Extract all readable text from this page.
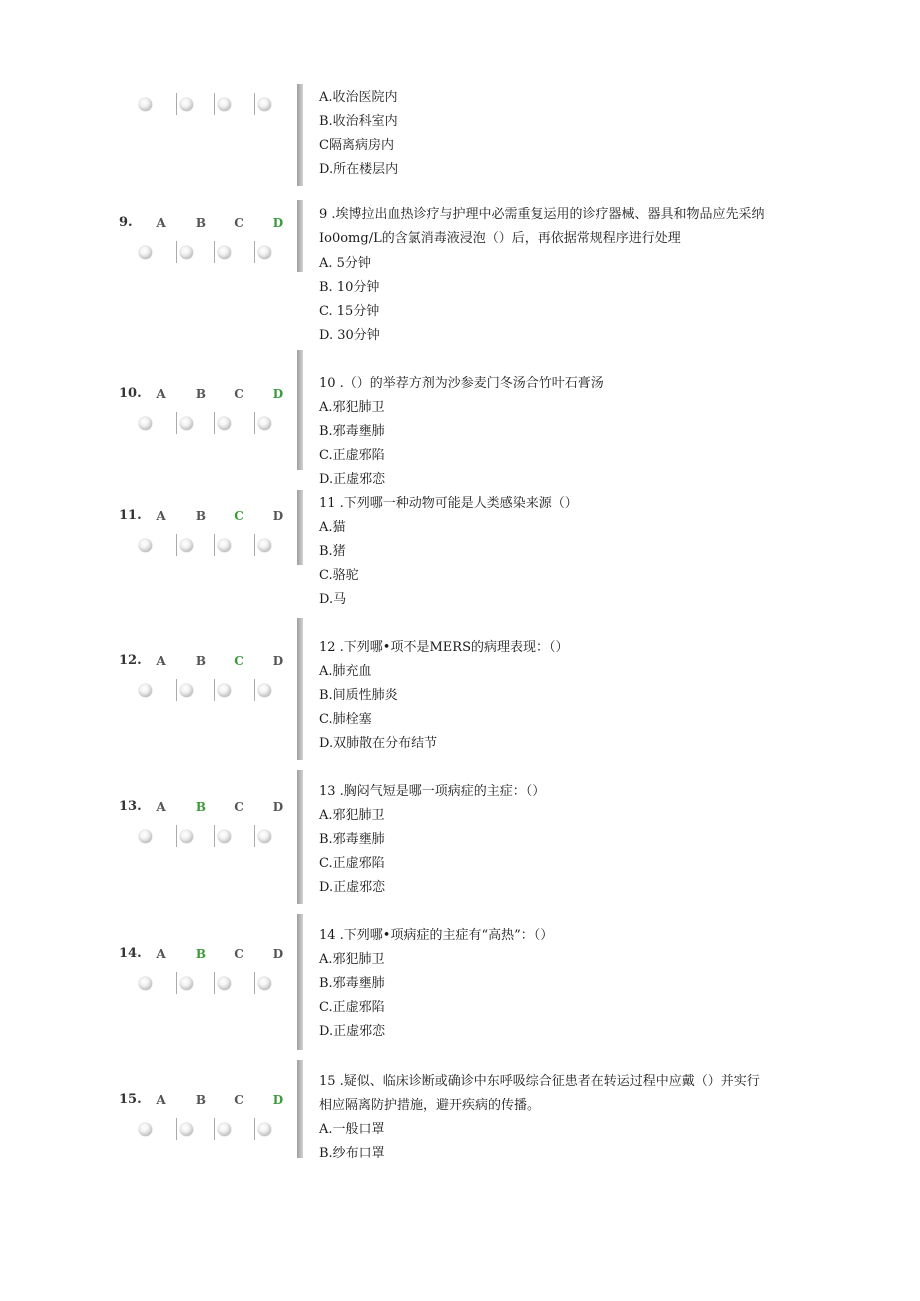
A.收治医院内
B.收治科室内
C隔离病房内
D.所在楼层内
9. A	B C D
9 .埃博拉出血热诊疗与护理中必需重复运用的诊疗器械、器具和物品应先采纳
Io0omg/L的含氯消毒液浸泡（）后，再依据常规程序进行处理
A. 5分钟
B. 10分钟
C. 15分钟
D. 30分钟
10. A	B C D
10 .（）的举荐方剂为沙参麦门冬汤合竹叶石膏汤
A.邪犯肺卫
B.邪毒壅肺
C.正虚邪陷
D.正虚邪恋
11. A	B C D
11 .下列哪一种动物可能是人类感染来源（）
A.猫
B.猪
C.骆驼
D.马
12. A	B C D
12 .下列哪•项不是MERS的病理表现：（）
A.肺充血
B.间质性肺炎
C.肺栓塞
D.双肺散在分布结节
13. A	B C D
13 .胸闷气短是哪一项病症的主症：（）
A.邪犯肺卫
B.邪毒壅肺
C.正虚邪陷
D.正虚邪恋
14. A	B C D
14 .下列哪•项病症的主症有“高热”：（）
A.邪犯肺卫
B.邪毒壅肺
C.正虚邪陷
D.正虚邪恋
15. A	B C D
15 .疑似、临床诊断或确诊中东呼吸综合征患者在转运过程中应戴（）并实行
相应隔离防护措施，避开疾病的传播。
A.一般口罩
B.纱布口罩
